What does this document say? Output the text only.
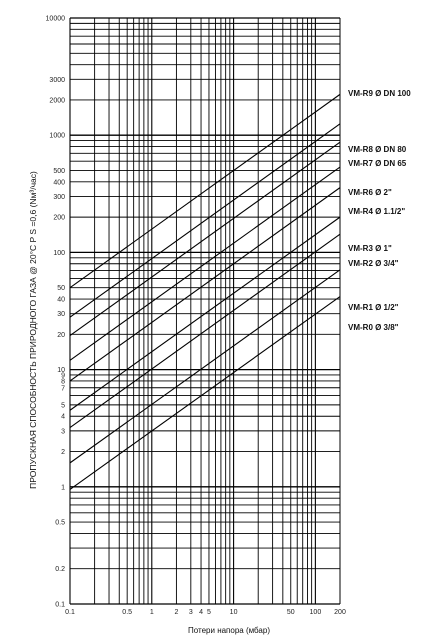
0.1	0.5	1	2 3 4 5	10	50 100 200
0.1
0.2
0.5
1
2
3
4
5
7
8
9
10
20
30
40
50
100
200
300
400
500
1000
2000
3000
10000
VM-R9 Ø DN 100
VM-R8 Ø DN 80
VM-R7 Ø DN 65
VM-R6 Ø 2"
VM-R4 Ø 1.1/2"
VM-R3 Ø 1"
VM-R2 Ø 3/4"
VM-R1 Ø 1/2"
VM-R0 Ø 3/8"
Потери напора (мбар)
ПРОПУСКНАЯ СПОСОБНОСТЬ ПРИРОДНОГО ГАЗА @ 20°C P S =0,6 (Nм³/час)
